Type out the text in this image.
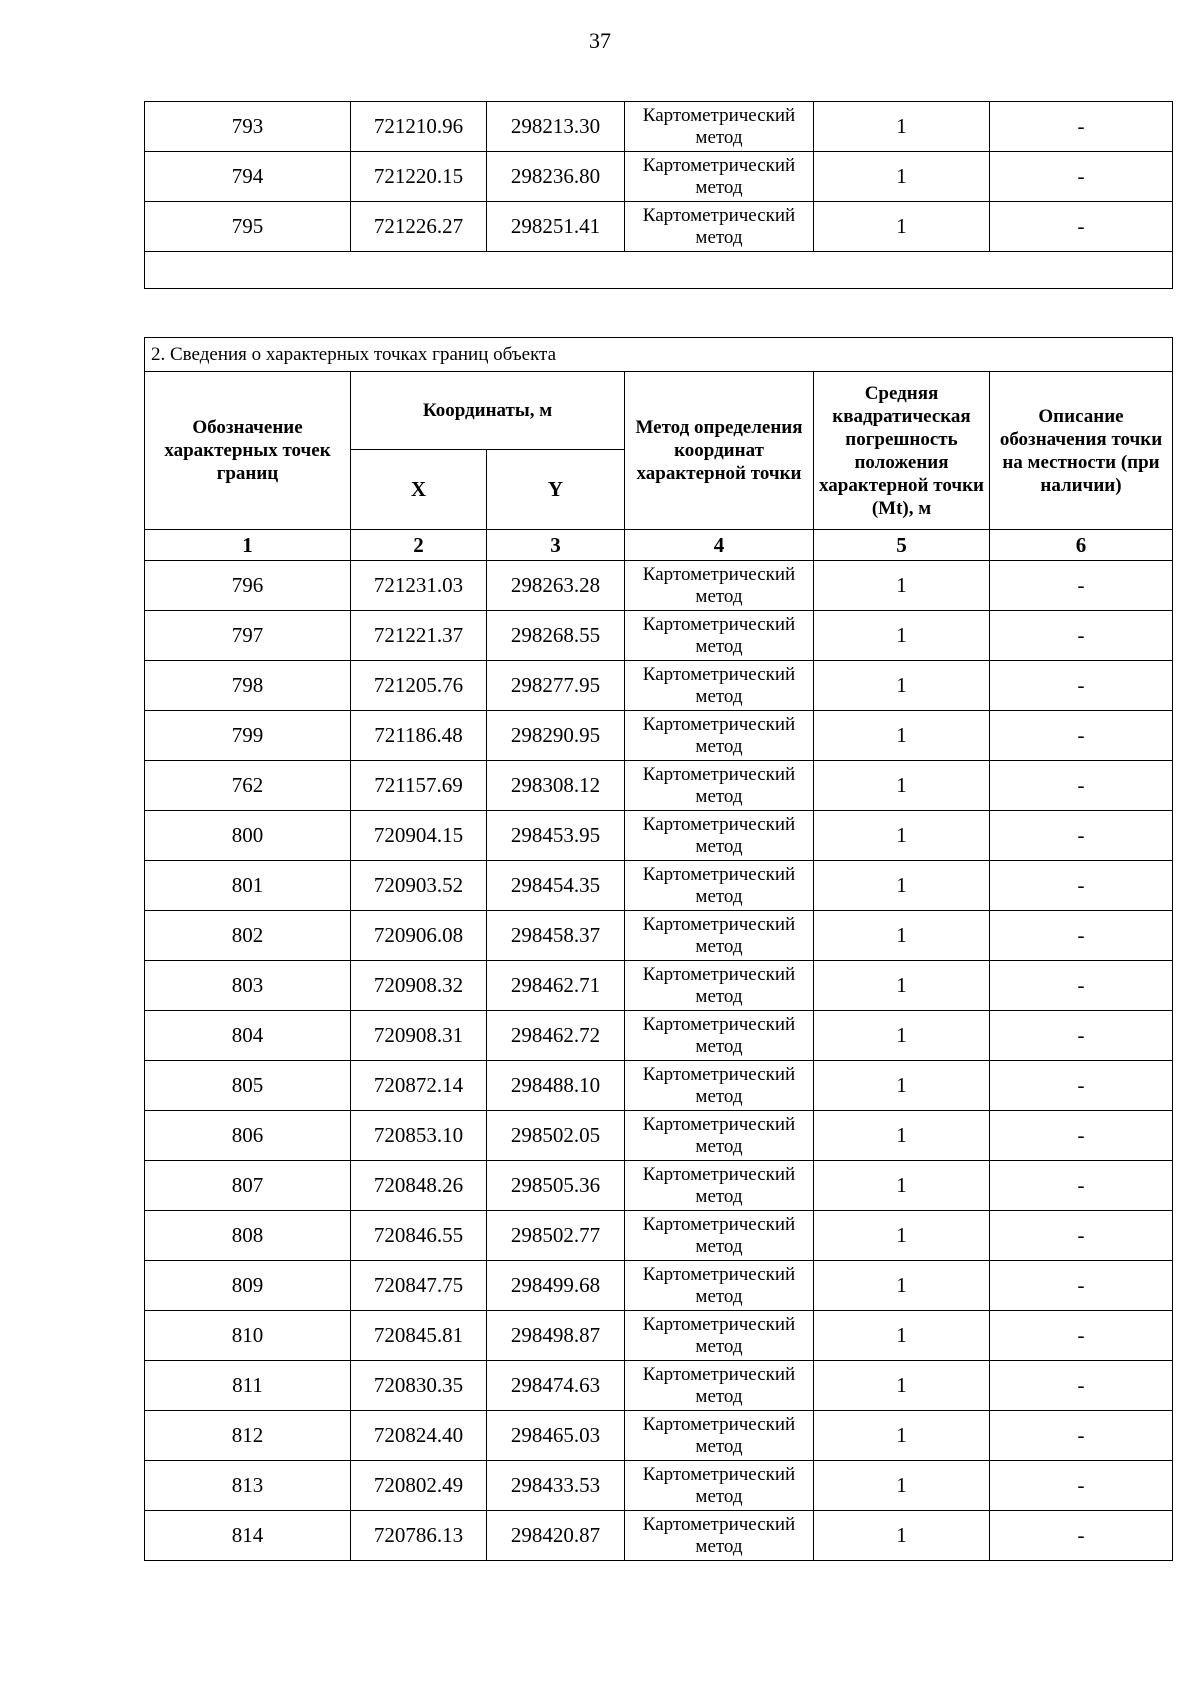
37
793	721210.96	298213.30	Картометрический метод	1	-
794	721220.15	298236.80	Картометрический метод	1	-
795	721226.27	298251.41	Картометрический метод	1	-

2. Сведения о характерных точках границ объекта					
Обозначение характерных точек границ	Координаты, м		Метод определения координат характерной точки	Средняя квадратическая погрешность положения характерной точки (Mt), м	Описание обозначения точки на местности (при наличии)
	X	Y			
1	2	3	4	5	6
796	721231.03	298263.28	Картометрический метод	1	-
797	721221.37	298268.55	Картометрический метод	1	-
798	721205.76	298277.95	Картометрический метод	1	-
799	721186.48	298290.95	Картометрический метод	1	-
762	721157.69	298308.12	Картометрический метод	1	-
800	720904.15	298453.95	Картометрический метод	1	-
801	720903.52	298454.35	Картометрический метод	1	-
802	720906.08	298458.37	Картометрический метод	1	-
803	720908.32	298462.71	Картометрический метод	1	-
804	720908.31	298462.72	Картометрический метод	1	-
805	720872.14	298488.10	Картометрический метод	1	-
806	720853.10	298502.05	Картометрический метод	1	-
807	720848.26	298505.36	Картометрический метод	1	-
808	720846.55	298502.77	Картометрический метод	1	-
809	720847.75	298499.68	Картометрический метод	1	-
810	720845.81	298498.87	Картометрический метод	1	-
811	720830.35	298474.63	Картометрический метод	1	-
812	720824.40	298465.03	Картометрический метод	1	-
813	720802.49	298433.53	Картометрический метод	1	-
814	720786.13	298420.87	Картометрический метод	1	-
